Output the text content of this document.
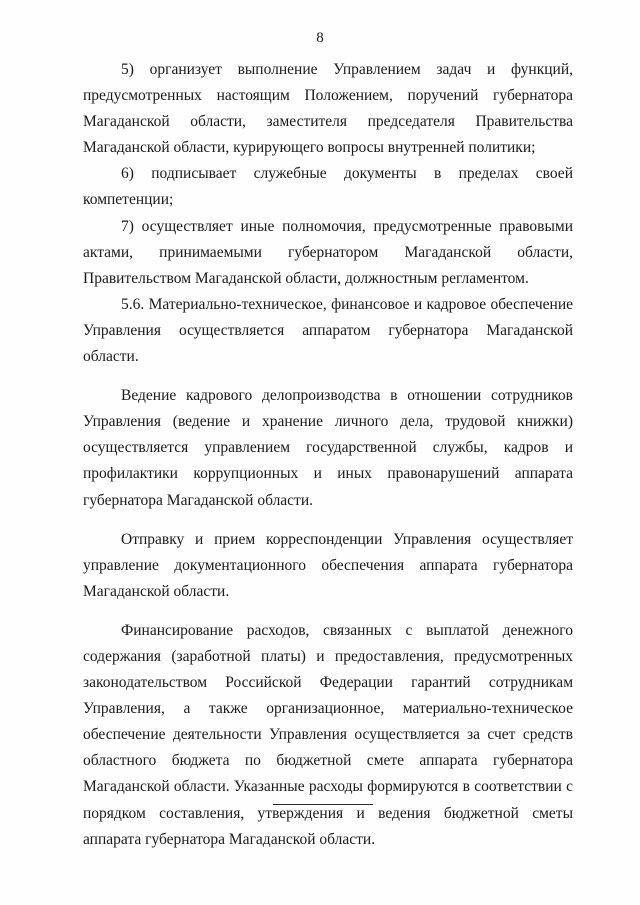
8

5) организует выполнение Управлением задач и функций, предусмотренных настоящим Положением, поручений губернатора Магаданской области, заместителя председателя Правительства Магаданской области, курирующего вопросы внутренней политики;

6) подписывает служебные документы в пределах своей компетенции;

7) осуществляет иные полномочия, предусмотренные правовыми актами, принимаемыми губернатором Магаданской области, Правительством Магаданской области, должностным регламентом.

5.6. Материально-техническое, финансовое и кадровое обеспечение Управления осуществляется аппаратом губернатора Магаданской области.

Ведение кадрового делопроизводства в отношении сотрудников Управления (ведение и хранение личного дела, трудовой книжки) осуществляется управлением государственной службы, кадров и профилактики коррупционных и иных правонарушений аппарата губернатора Магаданской области.

Отправку и прием корреспонденции Управления осуществляет управление документационного обеспечения аппарата губернатора Магаданской области.

Финансирование расходов, связанных с выплатой денежного содержания (заработной платы) и предоставления, предусмотренных законодательством Российской Федерации гарантий сотрудникам Управления, а также организационное, материально-техническое обеспечение деятельности Управления осуществляется за счет средств областного бюджета по бюджетной смете аппарата губернатора Магаданской области. Указанные расходы формируются в соответствии с порядком составления, утверждения и ведения бюджетной сметы аппарата губернатора Магаданской области.
